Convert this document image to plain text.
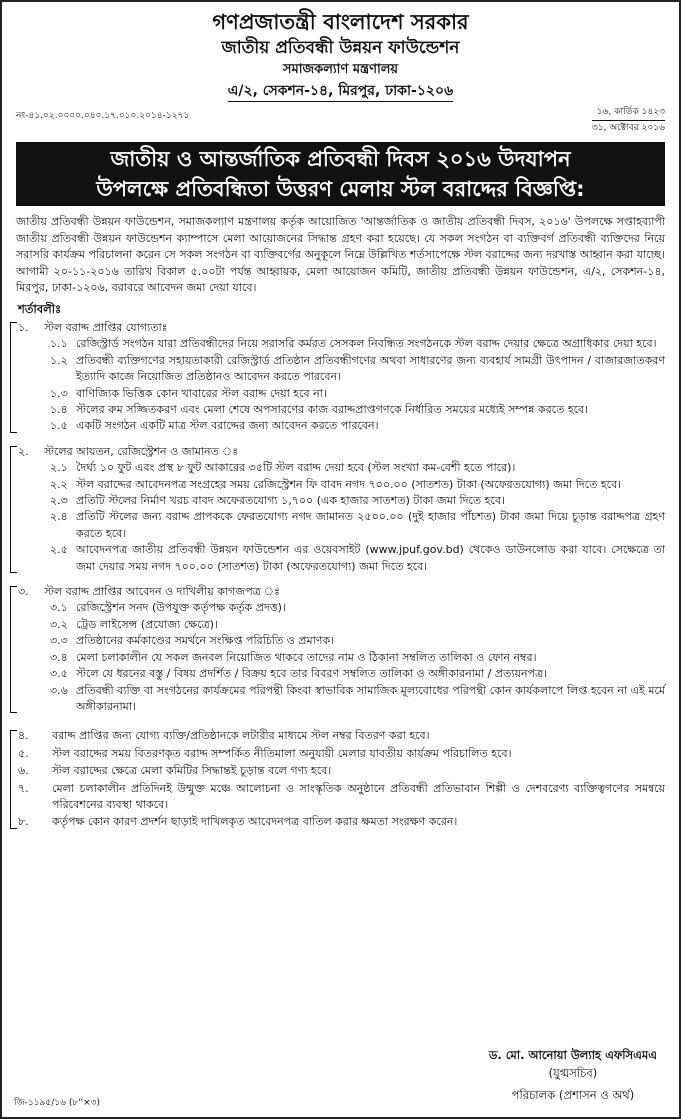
গণপ্রজাতন্ত্রী বাংলাদেশ সরকার
জাতীয় প্রতিবন্ধী উন্নয়ন ফাউন্ডেশন
সমাজকল্যাণ মন্ত্রণালয়
এ/২, সেকশন-১৪, মিরপুর, ঢাকা-১২০৬
নং-৪১.০২.০০০০.০৪০.১৭.০১০.২০১৪-১২৭১	১৬, কার্তিক ১৪২৩
৩১, অক্টোবর ২০১৬
জাতীয় ও আন্তর্জাতিক প্রতিবন্ধী দিবস ২০১৬ উদযাপন
উপলক্ষে প্রতিবন্ধিতা উত্তরণ মেলায় স্টল বরাদ্দের বিজ্ঞপ্তি:

জাতীয় প্রতিবন্ধী উন্নয়ন ফাউন্ডেশন, সমাজকল্যাণ মন্ত্রণালয় কর্তৃক আয়োজিত 'আন্তর্জাতিক ও জাতীয় প্রতিবন্ধী দিবস, ২০১৬' উপলক্ষে সপ্তাহব্যাপী জাতীয় প্রতিবন্ধী উন্নয়ন ফাউন্ডেশন ক্যাম্পাসে মেলা আয়োজনের সিদ্ধান্ত গ্রহণ করা হয়েছে। যে সকল সংগঠন বা ব্যক্তিবর্গ প্রতিবন্ধী ব্যক্তিদের নিয়ে সরাসরি কার্যক্রম পরিচালনা করেন সে সকল সংগঠন বা ব্যক্তিবর্গের অনুকূলে নিম্নে উল্লিখিত শর্তসাপেক্ষে স্টল বরাদ্দের জন্য দরখাস্ত আহ্বান করা যাচ্ছে। আগামী ২০-১১-২০১৬ তারিখ বিকাল ৫.০০টা পর্যন্ত আহ্বায়ক, মেলা আয়োজন কমিটি, জাতীয় প্রতিবন্ধী উন্নয়ন ফাউন্ডেশন, এ/২, সেকশন-১৪, মিরপুর, ঢাকা-১২০৬, বরাবরে আবেদন জমা দেয়া যাবে।

শর্তাবলীঃ
১.	স্টল বরাদ্দ প্রাপ্তির যোগ্যতাঃ
১.১ রেজিস্ট্রার্ড সংগঠন যারা প্রতিবন্ধীদের নিয়ে সরাসরি কর্মরত সেসকল নিবন্ধিত সংগঠনকে স্টল বরাদ্দ দেয়ার ক্ষেত্রে অগ্রাধিকার দেয়া হবে।
১.২ প্রতিবন্ধী ব্যক্তিগণের সহায়তাকারী রেজিস্ট্রার্ড প্রতিষ্ঠান প্রতিবন্ধীগণের অথবা সাধারণের জন্য ব্যবহার্য সামগ্রী উৎপাদন / বাজারজাতকরণ ইত্যাদি কাজে নিয়োজিত প্রতিষ্ঠানও আবেদন করতে পারবেন।
১.৩ বাণিজ্যিক ভিত্তিক কোন খাবারের স্টল বরাদ্দ দেয়া হবে না।
১.৪ স্টলের রুম সজ্জিতকরণ এবং মেলা শেষে অপসারণের কাজ বরাদ্দপ্রাপ্তগণকে নির্ধারিত সময়ের মধ্যেই সম্পন্ন করতে হবে।
১.৫ একটি সংগঠন একটি মাত্র স্টল বরাদ্দের জন্য আবেদন করতে পারবেন।
২.	স্টলের আয়তন, রেজিস্ট্রেশন ও জামানত ঃ
২.১ দৈর্ঘ্য ১০ ফুট এবং প্রস্থ ৮ ফুট আকারের ৩৫টি স্টল বরাদ্দ দেয়া হবে (স্টল সংখ্যা কম-বেশী হতে পারে)।
২.২ স্টল বরাদ্দের আবেদনপত্র সংগ্রহের সময় রেজিস্ট্রেশন ফি বাবদ নগদ ৭০০.০০ (সাতশত) টাকা (অফেরতযোগ্য) জমা দিতে হবে।
২.৩ প্রতিটি স্টলের নির্মাণ খরচ বাবদ অফেরতযোগ্য ১,৭০০ (এক হাজার সাতশত) টাকা জমা দিতে হবে।
২.৪ প্রতিটি স্টলের জন্য বরাদ্দ প্রাপককে ফেরতযোগ্য নগদ জামানত ২৫০০.০০ (দুই হাজার পাঁচশত) টাকা জমা দিয়ে চূড়ান্ত বরাদ্দপত্র গ্রহণ করতে হবে।
২.৫ আবেদনপত্র জাতীয় প্রতিবন্ধী উন্নয়ন ফাউন্ডেশন এর ওয়েবসাইট (www.jpuf.gov.bd) থেকেও ডাউনলোড করা যাবে। সেক্ষেত্রে তা জমা দেয়ার সময় নগদ ৭০০.০০ (সাতশত) টাকা (অফেরতযোগ্য) জমা দিতে হবে।
৩.	স্টল বরাদ্দ প্রাপ্তির আবেদন ও দাখিলীয় কাগজপত্র ঃ
৩.১ রেজিস্ট্রেশন সনদ (উপযুক্ত কর্তৃপক্ষ কর্তৃক প্রদত্ত)।
৩.২ ট্রেড লাইসেন্স (প্রযোজ্য ক্ষেত্রে)।
৩.৩ প্রতিষ্ঠানের কর্মকাণ্ডের সমর্থনে সংক্ষিপ্ত পরিচিতি ও প্রমাণক।
৩.৪ মেলা চলাকালীন যে সকল জনবল নিয়োজিত থাকবে তাদের নাম ও ঠিকানা সম্বলিত তালিকা ও ফোন নম্বর।
৩.৫ স্টলে যে ধরনের বস্তু / বিষয় প্রদর্শিত / বিক্রয় হবে তার বিবরণ সম্বলিত তালিকা ও অঙ্গীকারনামা / প্রত্যয়নপত্র।
৩.৬ প্রতিবন্ধী ব্যক্তি বা সংগঠনের কার্যক্রমের পরিপন্থী কিংবা স্বাভাবিক সামাজিক মূল্যবোধের পরিপন্থী কোন কার্যকলাপে লিপ্ত হবেন না এই মর্মে অঙ্গীকারনামা।
৪.	বরাদ্দ প্রাপ্তির জন্য যোগ্য ব্যক্তি/প্রতিষ্ঠানকে লটারীর মাধ্যমে স্টল নম্বর বিতরণ করা হবে।
৫.	স্টল বরাদ্দের সময় বিতরণকৃত বরাদ্দ সম্পর্কিত নীতিমালা অনুযায়ী মেলার যাবতীয় কার্যক্রম পরিচালিত হবে।
৬.	স্টল বরাদ্দের ক্ষেত্রে মেলা কমিটির সিদ্ধান্তই চূড়ান্ত বলে গণ্য হবে।
৭.	মেলা চলাকালীন প্রতিদিনই উন্মুক্ত মঞ্চে আলোচনা ও সাংস্কৃতিক অনুষ্ঠানে প্রতিবন্ধী প্রতিভাবান শিল্পী ও দেশবরেণ্য ব্যক্তিত্বগণের সমন্বয়ে পরিবেশনের ব্যবস্থা থাকবে।
৮.	কর্তৃপক্ষ কোন কারণ প্রদর্শন ছাড়াই দাখিলকৃত আবেদনপত্র বাতিল করার ক্ষমতা সংরক্ষণ করেন।
ড. মো. আনোয়া উল্যাহ এফসিএমএ
(যুগ্মসচিব)
পরিচালক (প্রশাসন ও অর্থ)
জি-১১৯৫/১৬ (৮''×৩)
